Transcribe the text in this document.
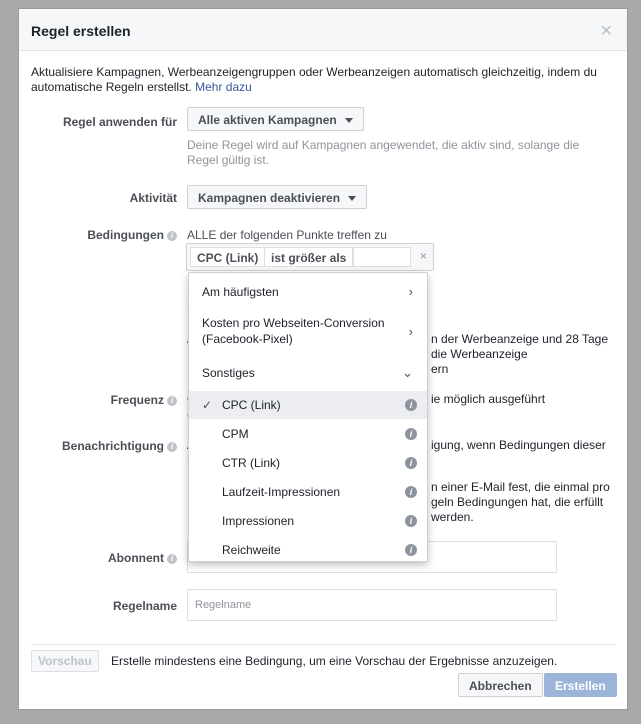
Regel erstellen	✕
Aktualisiere Kampagnen, Werbeanzeigengruppen oder Werbeanzeigen automatisch gleichzeitig, indem du automatische Regeln erstellst. Mehr dazu
Regel anwenden für	Alle aktiven Kampagnen
Deine Regel wird auf Kampagnen angewendet, die aktiv sind, solange die Regel gültig ist.
Aktivität	Kampagnen deaktivieren
Bedingungen i	ALLE der folgenden Punkte treffen zu
n der Werbeanzeige und 28 Tage
die Werbeanzeige
ern
Frequenz i	ie möglich ausgeführt
Benachrichtigung i	igung, wenn Bedingungen dieser
n einer E-Mail fest, die einmal pro
geln Bedingungen hat, die erfüllt
werden.
Abonnent i
Regelname	Regelname
Vorschau	Erstelle mindestens eine Bedingung, um eine Vorschau der Ergebnisse anzuzeigen.
Abbrechen	Erstellen
CPC (Link)	ist größer als	×
Am häufigsten	›
Kosten pro Webseiten-Conversion (Facebook-Pixel)	›
Sonstiges	⌄
✓ CPC (Link)	i
CPM	i
CTR (Link)	i
Laufzeit-Impressionen	i
Impressionen	i
Reichweite	i
